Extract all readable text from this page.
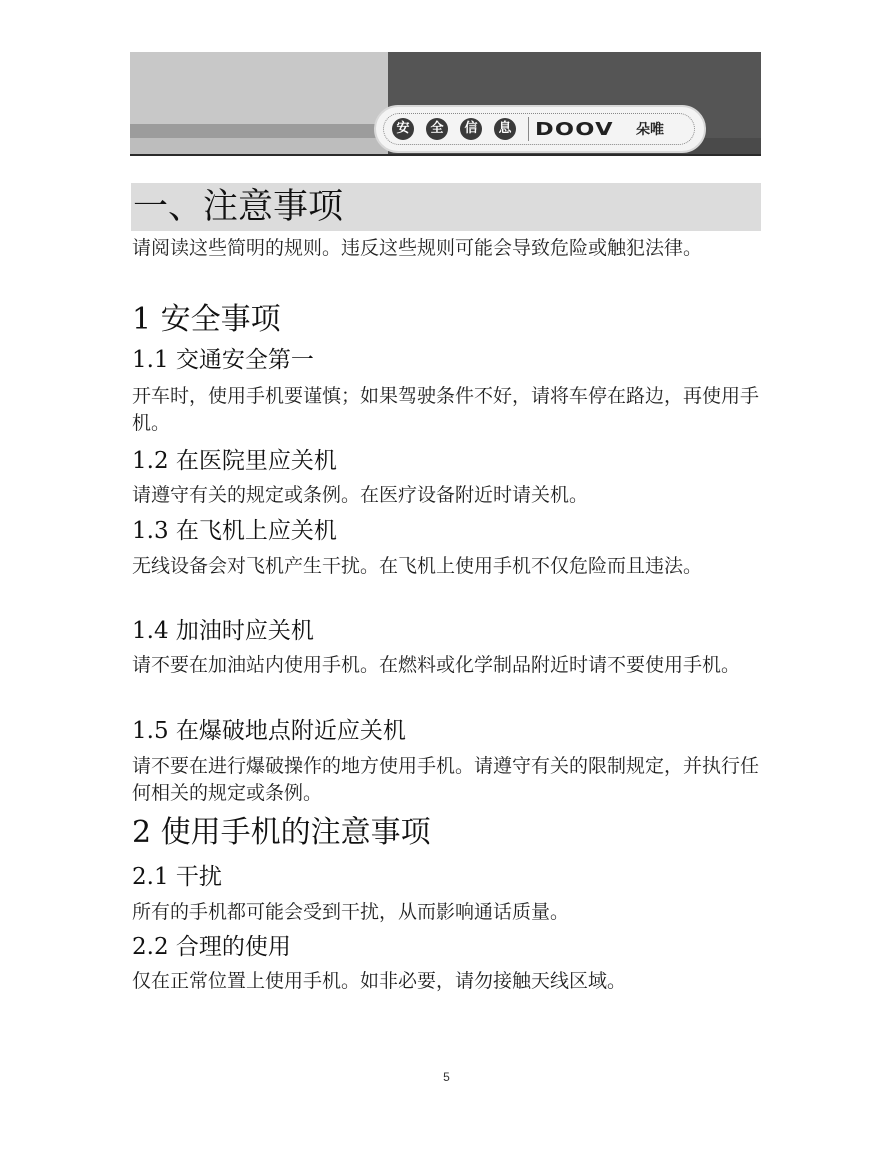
安	全	信	息 DOOV 朵唯
一、注意事项
请阅读这些简明的规则。违反这些规则可能会导致危险或触犯法律。
1 安全事项
1.1 交通安全第一
开车时，使用手机要谨慎；如果驾驶条件不好，请将车停在路边，再使用手机。
1.2 在医院里应关机
请遵守有关的规定或条例。在医疗设备附近时请关机。
1.3 在飞机上应关机
无线设备会对飞机产生干扰。在飞机上使用手机不仅危险而且违法。
1.4 加油时应关机
请不要在加油站内使用手机。在燃料或化学制品附近时请不要使用手机。
1.5 在爆破地点附近应关机
请不要在进行爆破操作的地方使用手机。请遵守有关的限制规定，并执行任何相关的规定或条例。
2 使用手机的注意事项
2.1 干扰
所有的手机都可能会受到干扰，从而影响通话质量。
2.2 合理的使用
仅在正常位置上使用手机。如非必要，请勿接触天线区域。
5
